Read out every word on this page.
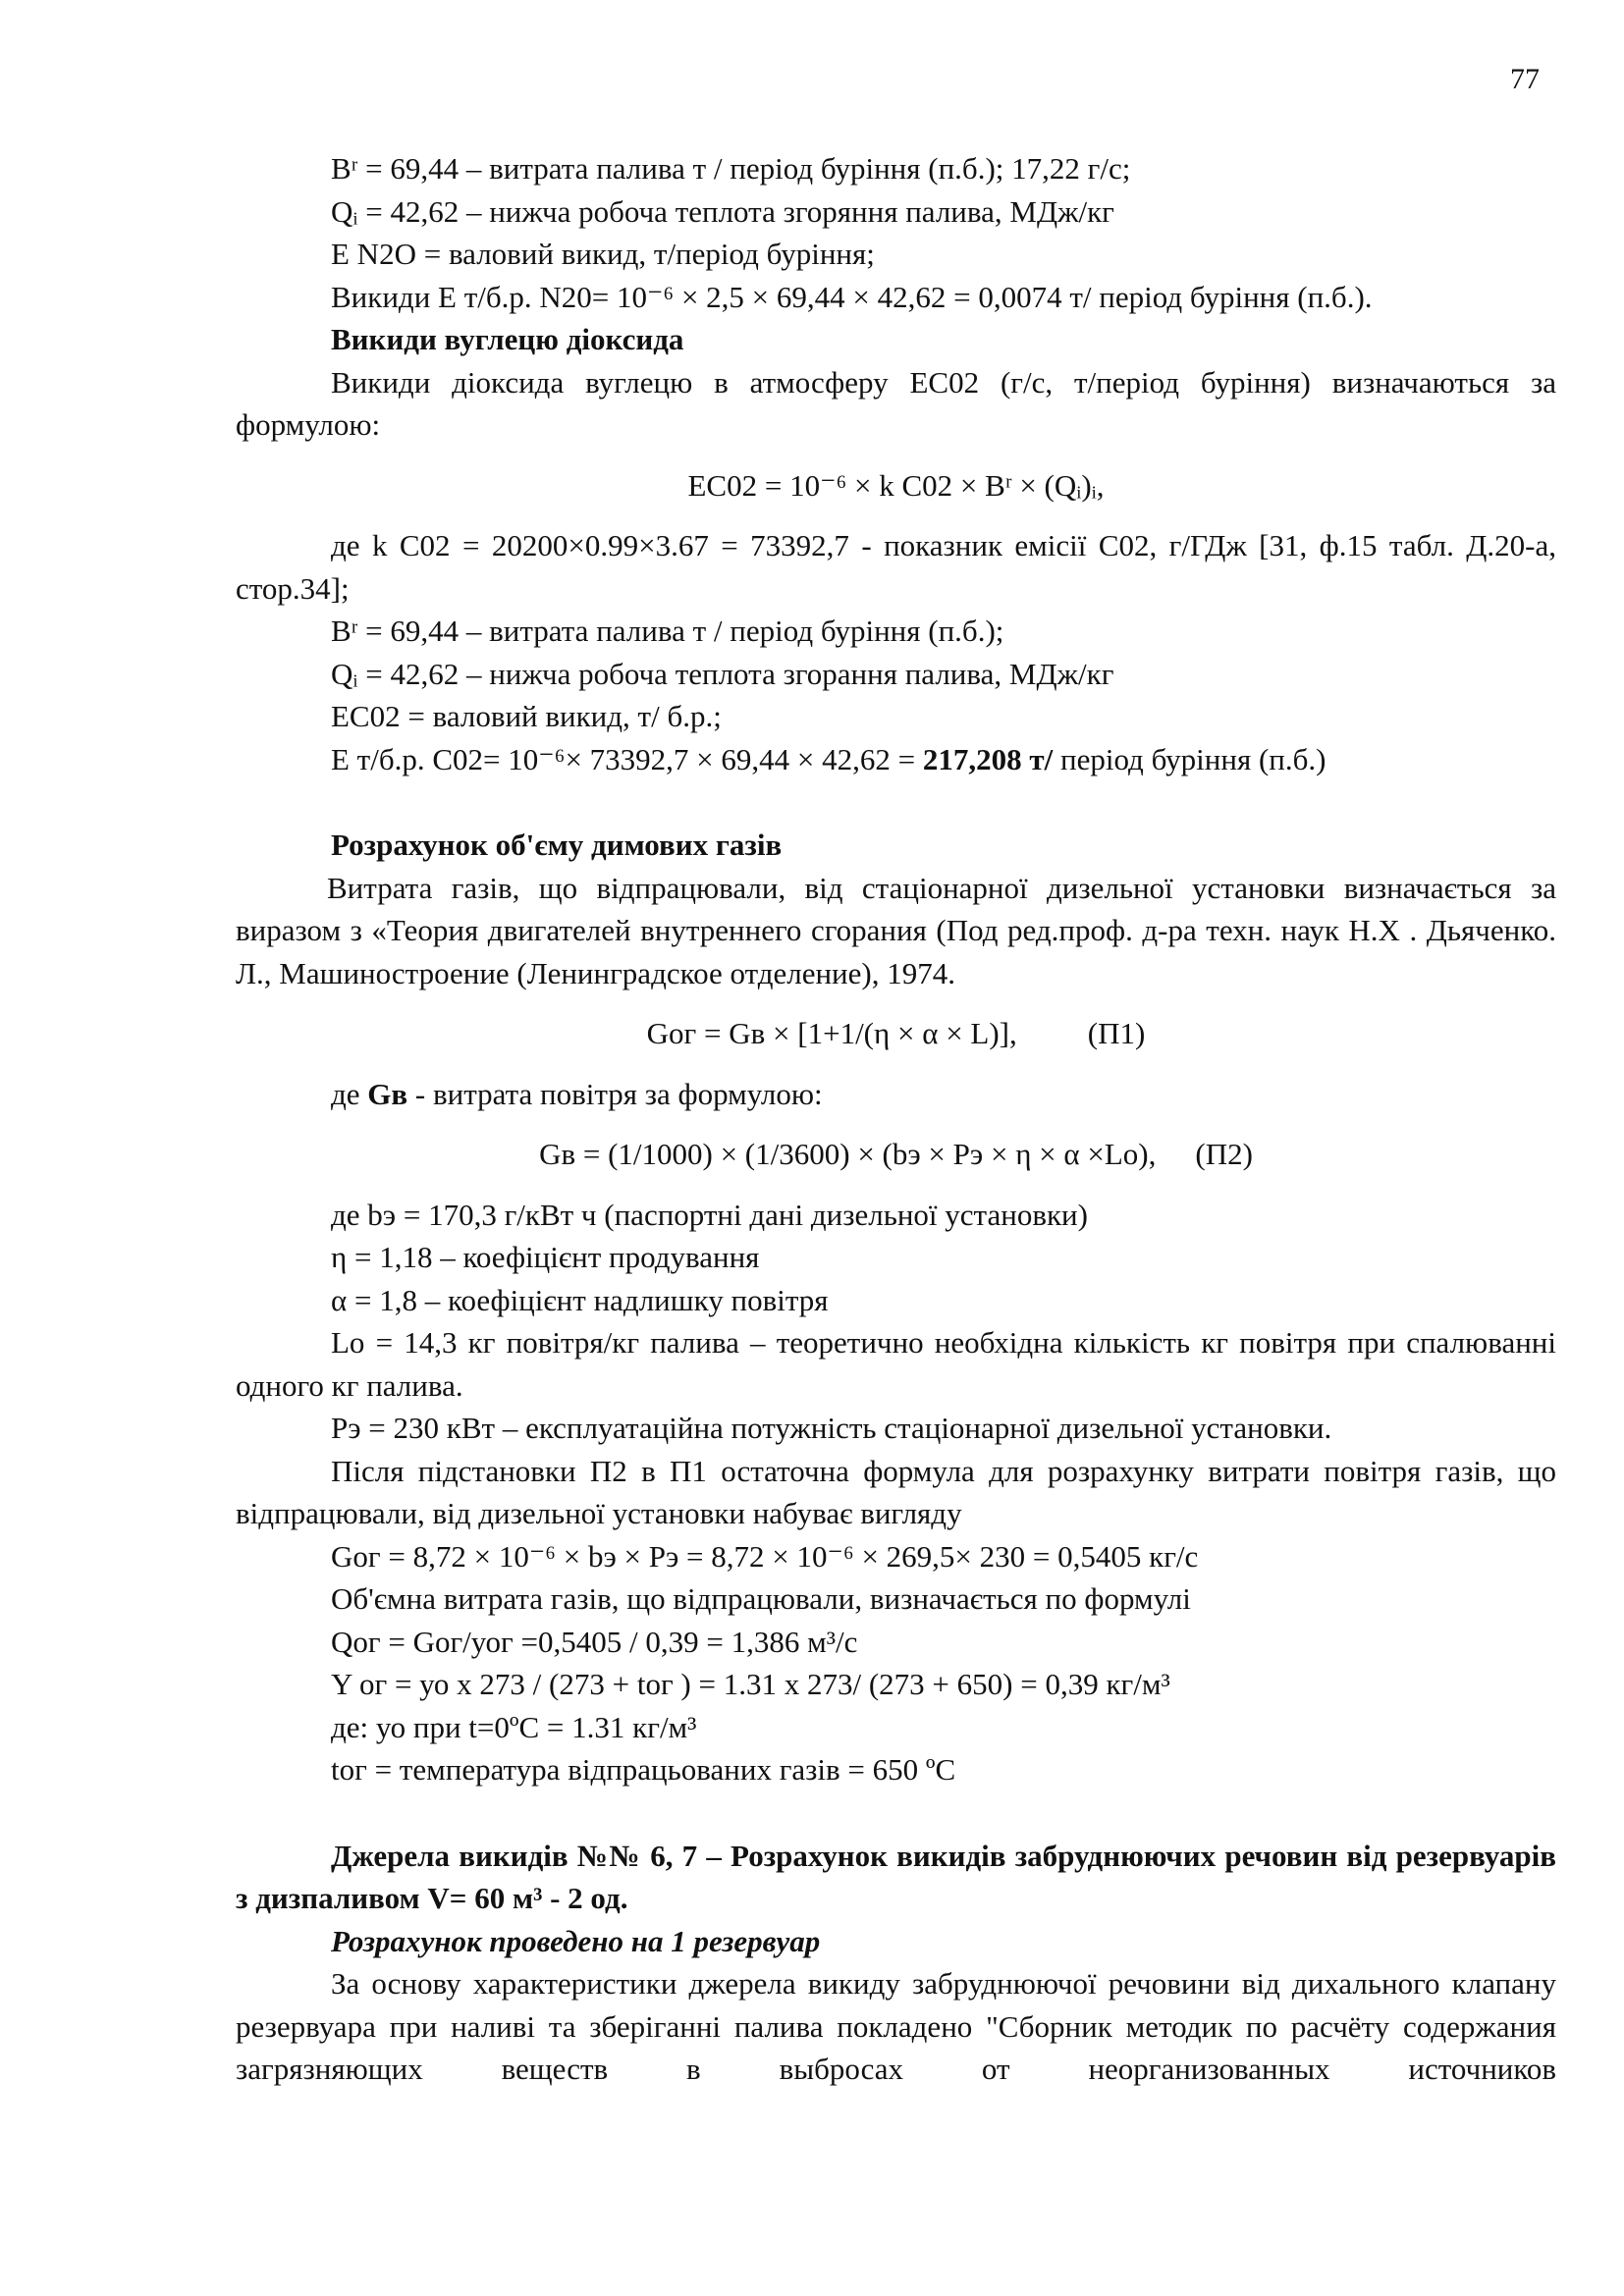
77

Bʳ = 69,44 – витрата палива т / період буріння (п.б.); 17,22 г/с;

Qᵢ = 42,62 – нижча робоча теплота згоряння палива, МДж/кг

E N2O = валовий викид, т/період буріння;

Викиди E т/б.р. N20= 10⁻⁶ × 2,5 × 69,44 × 42,62 = 0,0074 т/ період буріння (п.б.).

Викиди вуглецю діоксида

Викиди діоксида вуглецю в атмосферу EC02 (г/с, т/період буріння) визначаються за формулою:

EC02 = 10⁻⁶ × k C02 × Bʳ × (Qᵢ)ᵢ,

де k C02 = 20200×0.99×3.67 = 73392,7 - показник емісії С02, г/ГДж [31, ф.15 табл. Д.20-а, стор.34];

Bʳ = 69,44 – витрата палива т / період буріння (п.б.);

Qᵢ = 42,62 – нижча робоча теплота згорання палива, МДж/кг

EC02 = валовий викид, т/ б.р.;

E т/б.р. C02= 10⁻⁶× 73392,7 × 69,44 × 42,62 = 217,208 т/ період буріння (п.б.)

Розрахунок об'єму димових газів

Витрата газів, що відпрацювали, від стаціонарної дизельної установки визначається за виразом з «Теория двигателей внутреннего сгорания (Под ред.проф. д-ра техн. наук Н.Х . Дьяченко. Л., Машиностроение (Ленинградское отделение), 1974.

Gог = Gв × [1+1/(η × α × L)], (П1)

де Gв - витрата повітря за формулою:

Gв = (1/1000) × (1/3600) × (bэ × Pэ × η × α ×Lо), (П2)

де bэ = 170,3 г/кВт ч (паспортні дані дизельної установки)

η = 1,18 – коефіцієнт продування

α = 1,8 – коефіцієнт надлишку повітря

Lо = 14,3 кг повітря/кг палива – теоретично необхідна кількість кг повітря при спалюванні одного кг палива.

Pэ = 230 кВт – експлуатаційна потужність стаціонарної дизельної установки.

Після підстановки П2 в П1 остаточна формула для розрахунку витрати повітря газів, що відпрацювали, від дизельної установки набуває вигляду

Gог = 8,72 × 10⁻⁶ × bэ × Pэ = 8,72 × 10⁻⁶ × 269,5× 230 = 0,5405 кг/с

Об'ємна витрата газів, що відпрацювали, визначається по формулі

Qог = Gог/уог =0,5405 / 0,39 = 1,386 м³/с

Y ог = уо x 273 / (273 + tог ) = 1.31 x 273/ (273 + 650) = 0,39 кг/м³

де: уо при t=0ºC = 1.31 кг/м³

tог = температура відпрацьованих газів = 650 ºC

Джерела викидів №№ 6, 7 – Розрахунок викидів забруднюючих речовин від резервуарів з дизпаливом V= 60 м³ - 2 од.

Розрахунок проведено на 1 резервуар

За основу характеристики джерела викиду забруднюючої речовини від дихального клапану резервуара при наливі та зберіганні палива покладено "Сборник методик по расчёту содержания загрязняющих веществ в выбросах от неорганизованных источников
